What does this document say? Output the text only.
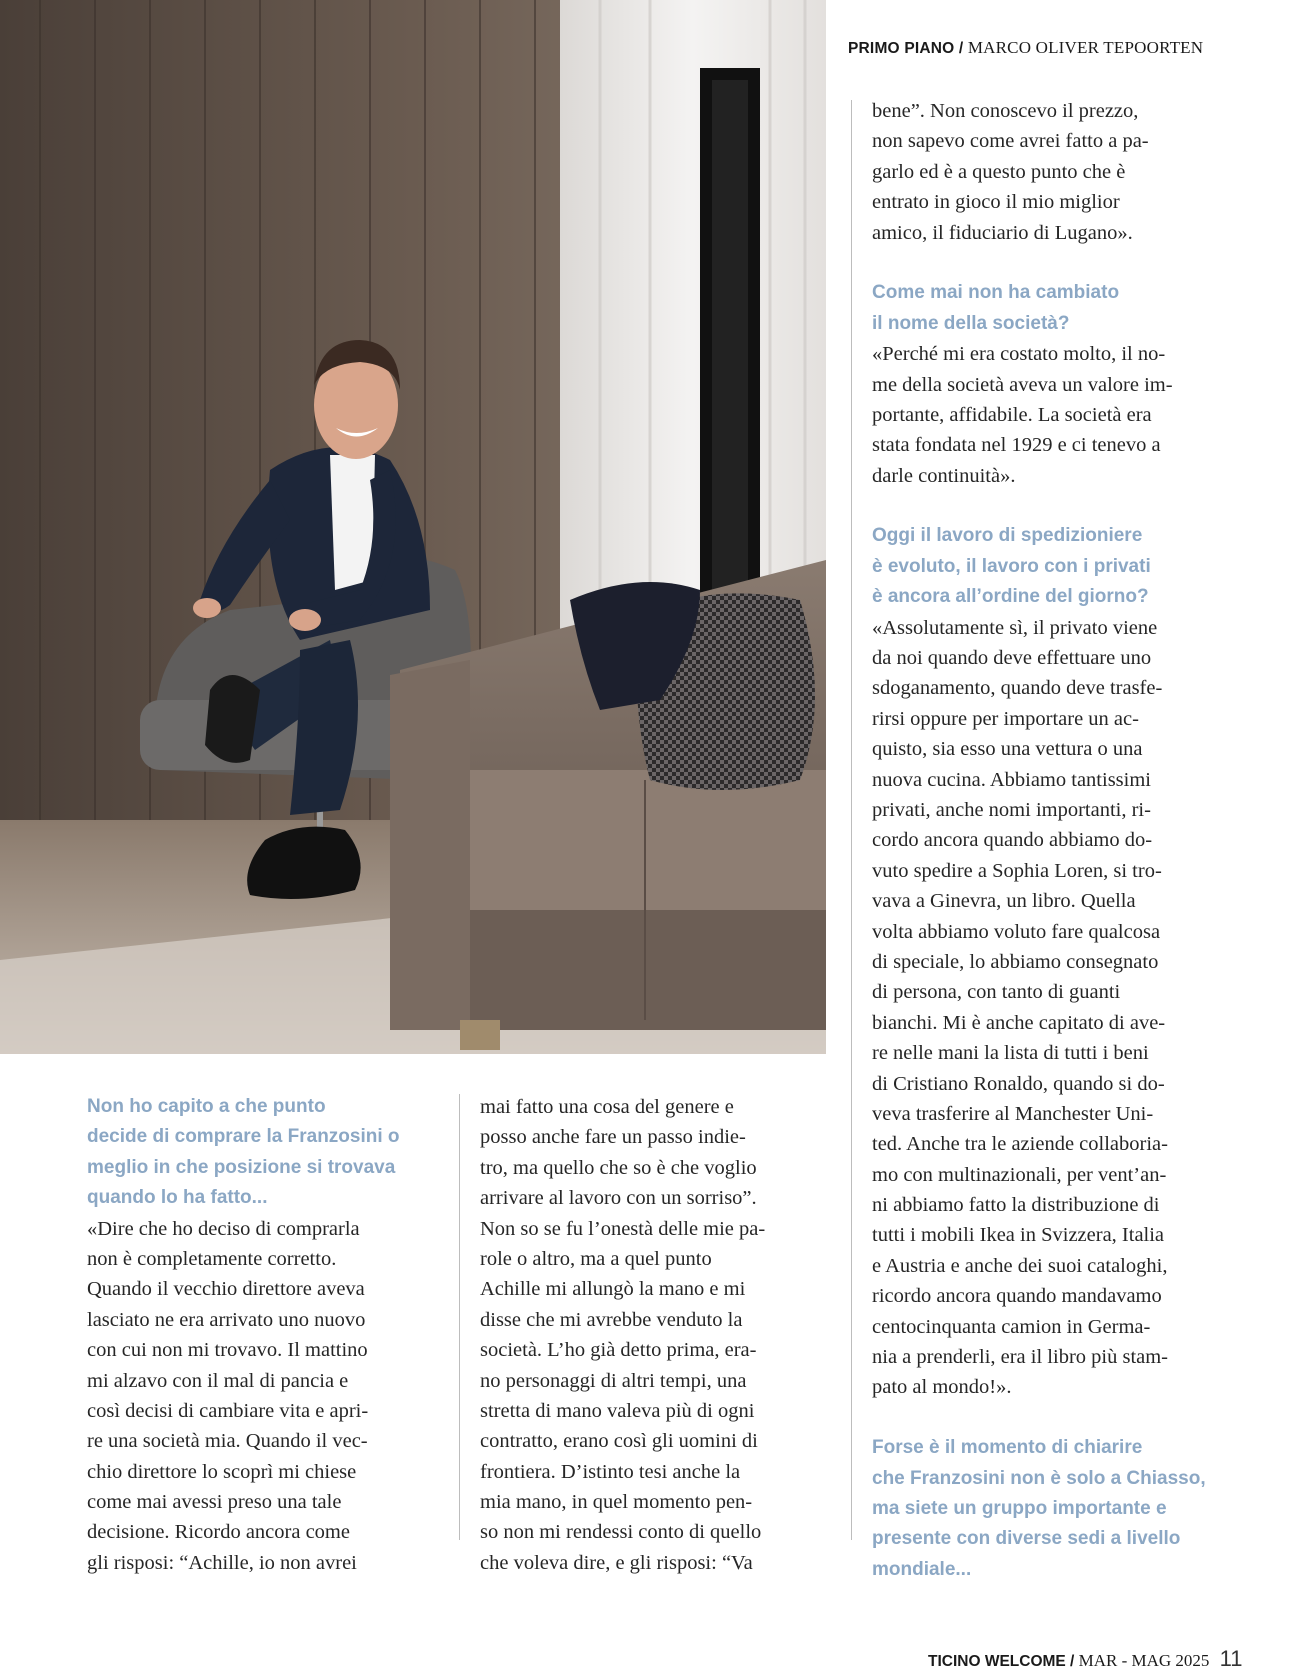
PRIMO PIANO / MARCO OLIVER TEPOORTEN
bene”. Non conoscevo il prezzo,
non sapevo come avrei fatto a pa-
garlo ed è a questo punto che è
entrato in gioco il mio miglior
amico, il fiduciario di Lugano».
Come mai non ha cambiato
il nome della società?
«Perché mi era costato molto, il no-
me della società aveva un valore im-
portante, affidabile. La società era
stata fondata nel 1929 e ci tenevo a
darle continuità».
Oggi il lavoro di spedizioniere
è evoluto, il lavoro con i privati
è ancora all’ordine del giorno?
«Assolutamente sì, il privato viene
da noi quando deve effettuare uno
sdoganamento, quando deve trasfe-
rirsi oppure per importare un ac-
quisto, sia esso una vettura o una
nuova cucina. Abbiamo tantissimi
privati, anche nomi importanti, ri-
cordo ancora quando abbiamo do-
vuto spedire a Sophia Loren, si tro-
vava a Ginevra, un libro. Quella
volta abbiamo voluto fare qualcosa
di speciale, lo abbiamo consegnato
di persona, con tanto di guanti
bianchi. Mi è anche capitato di ave-
re nelle mani la lista di tutti i beni
di Cristiano Ronaldo, quando si do-
veva trasferire al Manchester Uni-
ted. Anche tra le aziende collaboria-
mo con multinazionali, per vent’an-
ni abbiamo fatto la distribuzione di
tutti i mobili Ikea in Svizzera, Italia
e Austria e anche dei suoi cataloghi,
ricordo ancora quando mandavamo
centocinquanta camion in Germa-
nia a prenderli, era il libro più stam-
pato al mondo!».
Forse è il momento di chiarire
che Franzosini non è solo a Chiasso,
ma siete un gruppo importante e
presente con diverse sedi a livello
mondiale...
Non ho capito a che punto
decide di comprare la Franzosini o
meglio in che posizione si trovava
quando lo ha fatto...
«Dire che ho deciso di comprarla
non è completamente corretto.
Quando il vecchio direttore aveva
lasciato ne era arrivato uno nuovo
con cui non mi trovavo. Il mattino
mi alzavo con il mal di pancia e
così decisi di cambiare vita e apri-
re una società mia. Quando il vec-
chio direttore lo scoprì mi chiese
come mai avessi preso una tale
decisione. Ricordo ancora come
gli risposi: “Achille, io non avrei
mai fatto una cosa del genere e
posso anche fare un passo indie-
tro, ma quello che so è che voglio
arrivare al lavoro con un sorriso”.
Non so se fu l’onestà delle mie pa-
role o altro, ma a quel punto
Achille mi allungò la mano e mi
disse che mi avrebbe venduto la
società. L’ho già detto prima, era-
no personaggi di altri tempi, una
stretta di mano valeva più di ogni
contratto, erano così gli uomini di
frontiera. D’istinto tesi anche la
mia mano, in quel momento pen-
so non mi rendessi conto di quello
che voleva dire, e gli risposi: “Va
TICINO WELCOME / MAR - MAG 2025 11
